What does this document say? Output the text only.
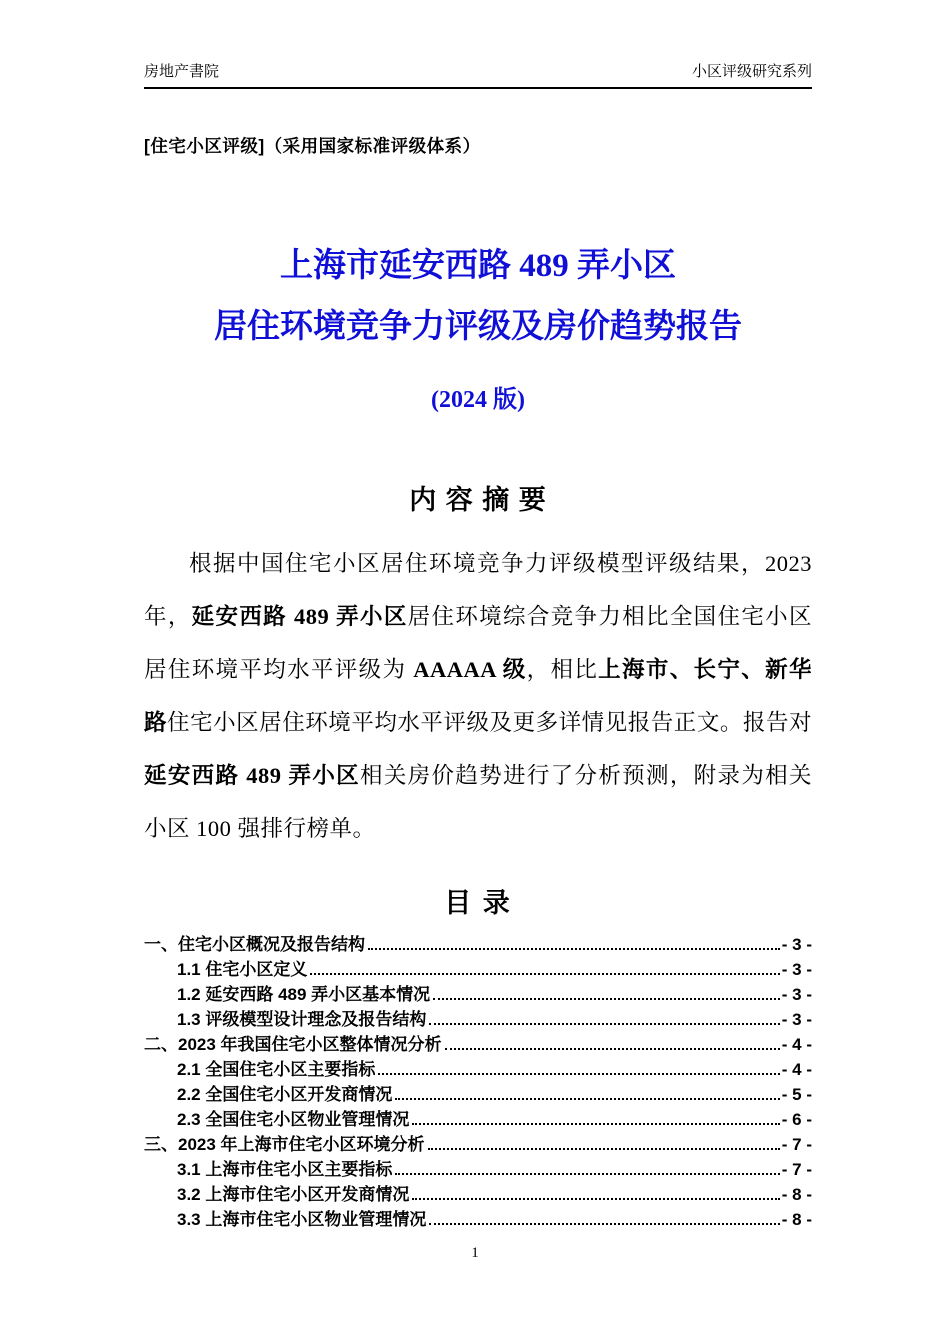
房地产書院	小区评级研究系列
[住宅小区评级]（采用国家标准评级体系）
上海市延安西路 489 弄小区
居住环境竞争力评级及房价趋势报告
(2024 版)
内 容 摘 要

根据中国住宅小区居住环境竞争力评级模型评级结果，2023 年，延安西路 489 弄小区居住环境综合竞争力相比全国住宅小区居住环境平均水平评级为 AAAAA 级，相比上海市、长宁、新华路住宅小区居住环境平均水平评级及更多详情见报告正文。报告对延安西路 489 弄小区相关房价趋势进行了分析预测，附录为相关小区 100 强排行榜单。

目 录
一、住宅小区概况及报告结构	- 3 -
1.1 住宅小区定义	- 3 -
1.2 延安西路 489 弄小区基本情况	- 3 -
1.3 评级模型设计理念及报告结构	- 3 -
二、2023 年我国住宅小区整体情况分析	- 4 -
2.1 全国住宅小区主要指标	- 4 -
2.2 全国住宅小区开发商情况	- 5 -
2.3 全国住宅小区物业管理情况	- 6 -
三、2023 年上海市住宅小区环境分析	- 7 -
3.1 上海市住宅小区主要指标	- 7 -
3.2 上海市住宅小区开发商情况	- 8 -
3.3 上海市住宅小区物业管理情况	- 8 -
1
